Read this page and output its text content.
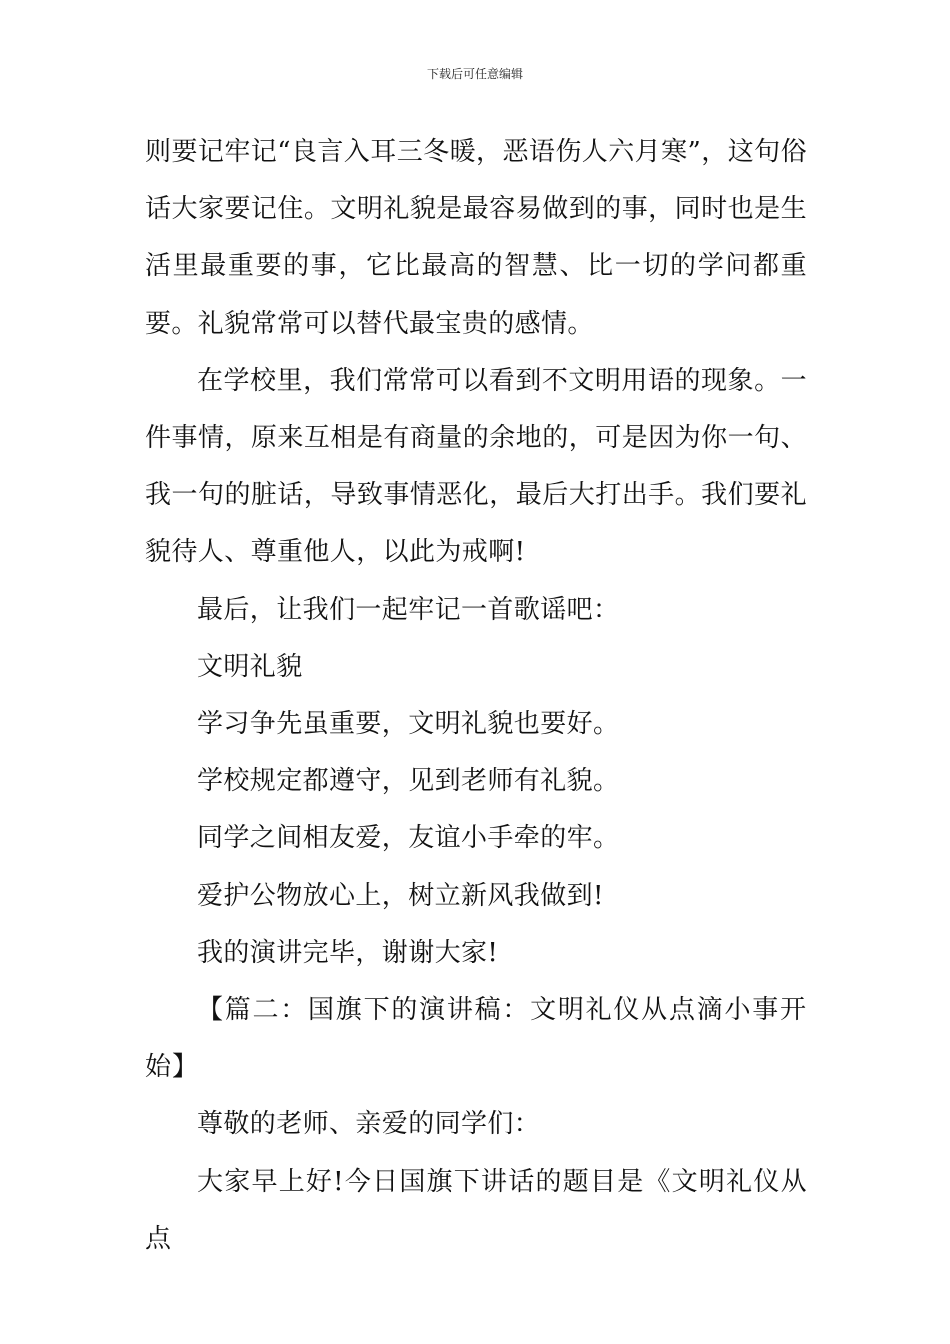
下载后可任意编辑

则要记牢记“良言入耳三冬暖，恶语伤人六月寒”，这句俗话大家要记住。文明礼貌是最容易做到的事，同时也是生活里最重要的事，它比最高的智慧、比一切的学问都重要。礼貌常常可以替代最宝贵的感情。

在学校里，我们常常可以看到不文明用语的现象。一件事情，原来互相是有商量的余地的，可是因为你一句、我一句的脏话，导致事情恶化，最后大打出手。我们要礼貌待人、尊重他人，以此为戒啊!

最后，让我们一起牢记一首歌谣吧：

文明礼貌

学习争先虽重要，文明礼貌也要好。

学校规定都遵守，见到老师有礼貌。

同学之间相友爱，友谊小手牵的牢。

爱护公物放心上，树立新风我做到!

我的演讲完毕，谢谢大家!

【篇二：国旗下的演讲稿：文明礼仪从点滴小事开始】

尊敬的老师、亲爱的同学们：

大家早上好!今日国旗下讲话的题目是《文明礼仪从点
